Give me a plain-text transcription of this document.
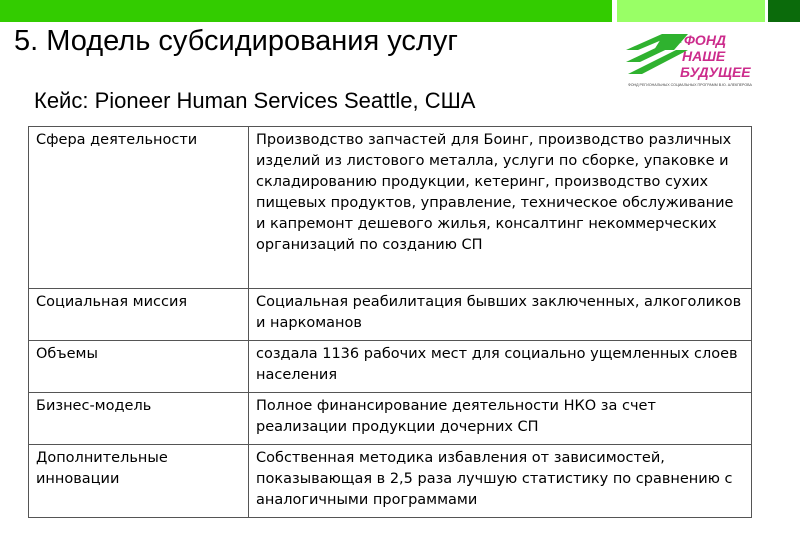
5. Модель субсидирования услуг	ФОНД
НАШЕ
БУДУЩЕЕ
ФОНД РЕГИОНАЛЬНЫХ СОЦИАЛЬНЫХ ПРОГРАММ В.Ю. АЛЕКПЕРОВА
Кейс: Pioneer Human Services Seattle, США
Сфера деятельности	Производство запчастей для Боинг, производство различных изделий из листового металла, услуги по сборке, упаковке и складированию продукции, кетеринг, производство сухих пищевых продуктов, управление, техническое обслуживание и капремонт дешевого жилья, консалтинг некоммерческих организаций по созданию СП
Социальная миссия	Социальная реабилитация бывших заключенных, алкоголиков и наркоманов
Объемы	создала 1136 рабочих мест для социально ущемленных слоев населения
Бизнес-модель	Полное финансирование деятельности НКО за счет реализации продукции дочерних СП
Дополнительные инновации	Собственная методика избавления от зависимостей, показывающая в 2,5 раза лучшую статистику по сравнению с аналогичными программами
